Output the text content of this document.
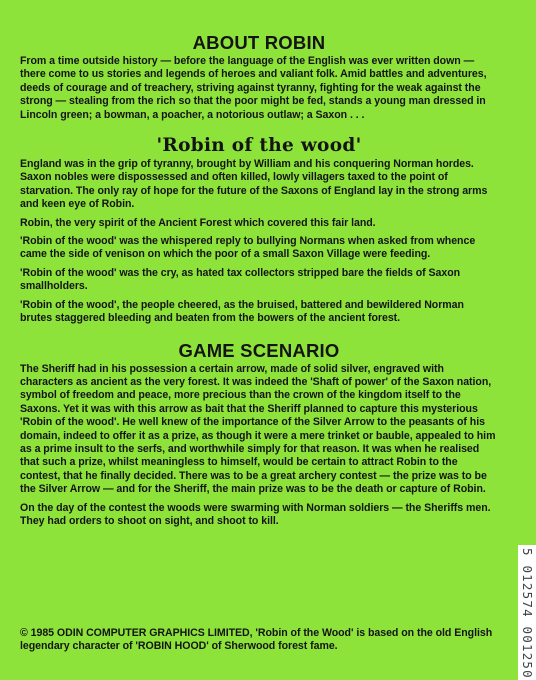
ABOUT ROBIN

From a time outside history — before the language of the English was ever written down — there come to us stories and legends of heroes and valiant folk. Amid battles and adventures, deeds of courage and of treachery, striving against tyranny, fighting for the weak against the strong — stealing from the rich so that the poor might be fed, stands a young man dressed in Lincoln green; a bowman, a poacher, a notorious outlaw; a Saxon . . .

'Robin of the wood'

England was in the grip of tyranny, brought by William and his conquering Norman hordes. Saxon nobles were dispossessed and often killed, lowly villagers taxed to the point of starvation. The only ray of hope for the future of the Saxons of England lay in the strong arms and keen eye of Robin.

Robin, the very spirit of the Ancient Forest which covered this fair land.

'Robin of the wood' was the whispered reply to bullying Normans when asked from whence came the side of venison on which the poor of a small Saxon Village were feeding.

'Robin of the wood' was the cry, as hated tax collectors stripped bare the fields of Saxon smallholders.

'Robin of the wood', the people cheered, as the bruised, battered and bewildered Norman brutes staggered bleeding and beaten from the bowers of the ancient forest.

GAME SCENARIO

The Sheriff had in his possession a certain arrow, made of solid silver, engraved with characters as ancient as the very forest. It was indeed the 'Shaft of power' of the Saxon nation, symbol of freedom and peace, more precious than the crown of the kingdom itself to the Saxons. Yet it was with this arrow as bait that the Sheriff planned to capture this mysterious 'Robin of the wood'. He well knew of the importance of the Silver Arrow to the peasants of his domain, indeed to offer it as a prize, as though it were a mere trinket or bauble, appealed to him as a prime insult to the serfs, and worthwhile simply for that reason. It was when he realised that such a prize, whilst meaningless to himself, would be certain to attract Robin to the contest, that he finally decided. There was to be a great archery contest — the prize was to be the Silver Arrow — and for the Sheriff, the main prize was to be the death or capture of Robin.

On the day of the contest the woods were swarming with Norman soldiers — the Sheriffs men. They had orders to shoot on sight, and shoot to kill.

© 1985 ODIN COMPUTER GRAPHICS LIMITED, 'Robin of the Wood' is based on the old English legendary character of 'ROBIN HOOD' of Sherwood forest fame.	5 012574 001250
